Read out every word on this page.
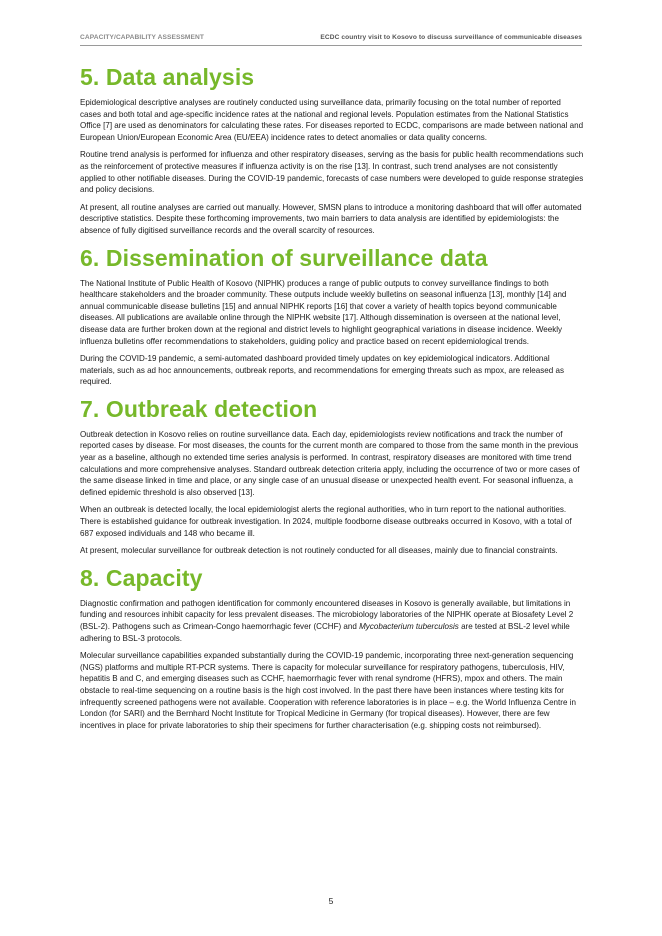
CAPACITY/CAPABILITY ASSESSMENT	ECDC country visit to Kosovo to discuss surveillance of communicable diseases
5. Data analysis

Epidemiological descriptive analyses are routinely conducted using surveillance data, primarily focusing on the total number of reported cases and both total and age-specific incidence rates at the national and regional levels. Population estimates from the National Statistics Office [7] are used as denominators for calculating these rates. For diseases reported to ECDC, comparisons are made between national and European Union/European Economic Area (EU/EEA) incidence rates to detect anomalies or data quality concerns.

Routine trend analysis is performed for influenza and other respiratory diseases, serving as the basis for public health recommendations such as the reinforcement of protective measures if influenza activity is on the rise [13]. In contrast, such trend analyses are not consistently applied to other notifiable diseases. During the COVID-19 pandemic, forecasts of case numbers were developed to guide response strategies and policy decisions.

At present, all routine analyses are carried out manually. However, SMSN plans to introduce a monitoring dashboard that will offer automated descriptive statistics. Despite these forthcoming improvements, two main barriers to data analysis are identified by epidemiologists: the absence of fully digitised surveillance records and the overall scarcity of resources.

6. Dissemination of surveillance data

The National Institute of Public Health of Kosovo (NIPHK) produces a range of public outputs to convey surveillance findings to both healthcare stakeholders and the broader community. These outputs include weekly bulletins on seasonal influenza [13], monthly [14] and annual communicable disease bulletins [15] and annual NIPHK reports [16] that cover a variety of health topics beyond communicable diseases. All publications are available online through the NIPHK website [17]. Although dissemination is overseen at the national level, disease data are further broken down at the regional and district levels to highlight geographical variations in disease incidence. Weekly influenza bulletins offer recommendations to stakeholders, guiding policy and practice based on recent epidemiological trends.

During the COVID-19 pandemic, a semi-automated dashboard provided timely updates on key epidemiological indicators. Additional materials, such as ad hoc announcements, outbreak reports, and recommendations for emerging threats such as mpox, are released as required.

7. Outbreak detection

Outbreak detection in Kosovo relies on routine surveillance data. Each day, epidemiologists review notifications and track the number of reported cases by disease. For most diseases, the counts for the current month are compared to those from the same month in the previous year as a baseline, although no extended time series analysis is performed. In contrast, respiratory diseases are monitored with time trend calculations and more comprehensive analyses. Standard outbreak detection criteria apply, including the occurrence of two or more cases of the same disease linked in time and place, or any single case of an unusual disease or unexpected health event. For seasonal influenza, a defined epidemic threshold is also observed [13].

When an outbreak is detected locally, the local epidemiologist alerts the regional authorities, who in turn report to the national authorities. There is established guidance for outbreak investigation. In 2024, multiple foodborne disease outbreaks occurred in Kosovo, with a total of 687 exposed individuals and 148 who became ill.

At present, molecular surveillance for outbreak detection is not routinely conducted for all diseases, mainly due to financial constraints.

8. Capacity

Diagnostic confirmation and pathogen identification for commonly encountered diseases in Kosovo is generally available, but limitations in funding and resources inhibit capacity for less prevalent diseases. The microbiology laboratories of the NIPHK operate at Biosafety Level 2 (BSL-2). Pathogens such as Crimean-Congo haemorrhagic fever (CCHF) and Mycobacterium tuberculosis are tested at BSL-2 level while adhering to BSL-3 protocols.

Molecular surveillance capabilities expanded substantially during the COVID-19 pandemic, incorporating three next-generation sequencing (NGS) platforms and multiple RT-PCR systems. There is capacity for molecular surveillance for respiratory pathogens, tuberculosis, HIV, hepatitis B and C, and emerging diseases such as CCHF, haemorrhagic fever with renal syndrome (HFRS), mpox and others. The main obstacle to real-time sequencing on a routine basis is the high cost involved. In the past there have been instances where testing kits for infrequently screened pathogens were not available. Cooperation with reference laboratories is in place – e.g. the World Influenza Centre in London (for SARI) and the Bernhard Nocht Institute for Tropical Medicine in Germany (for tropical diseases). However, there are few incentives in place for private laboratories to ship their specimens for further characterisation (e.g. shipping costs not reimbursed).

5
